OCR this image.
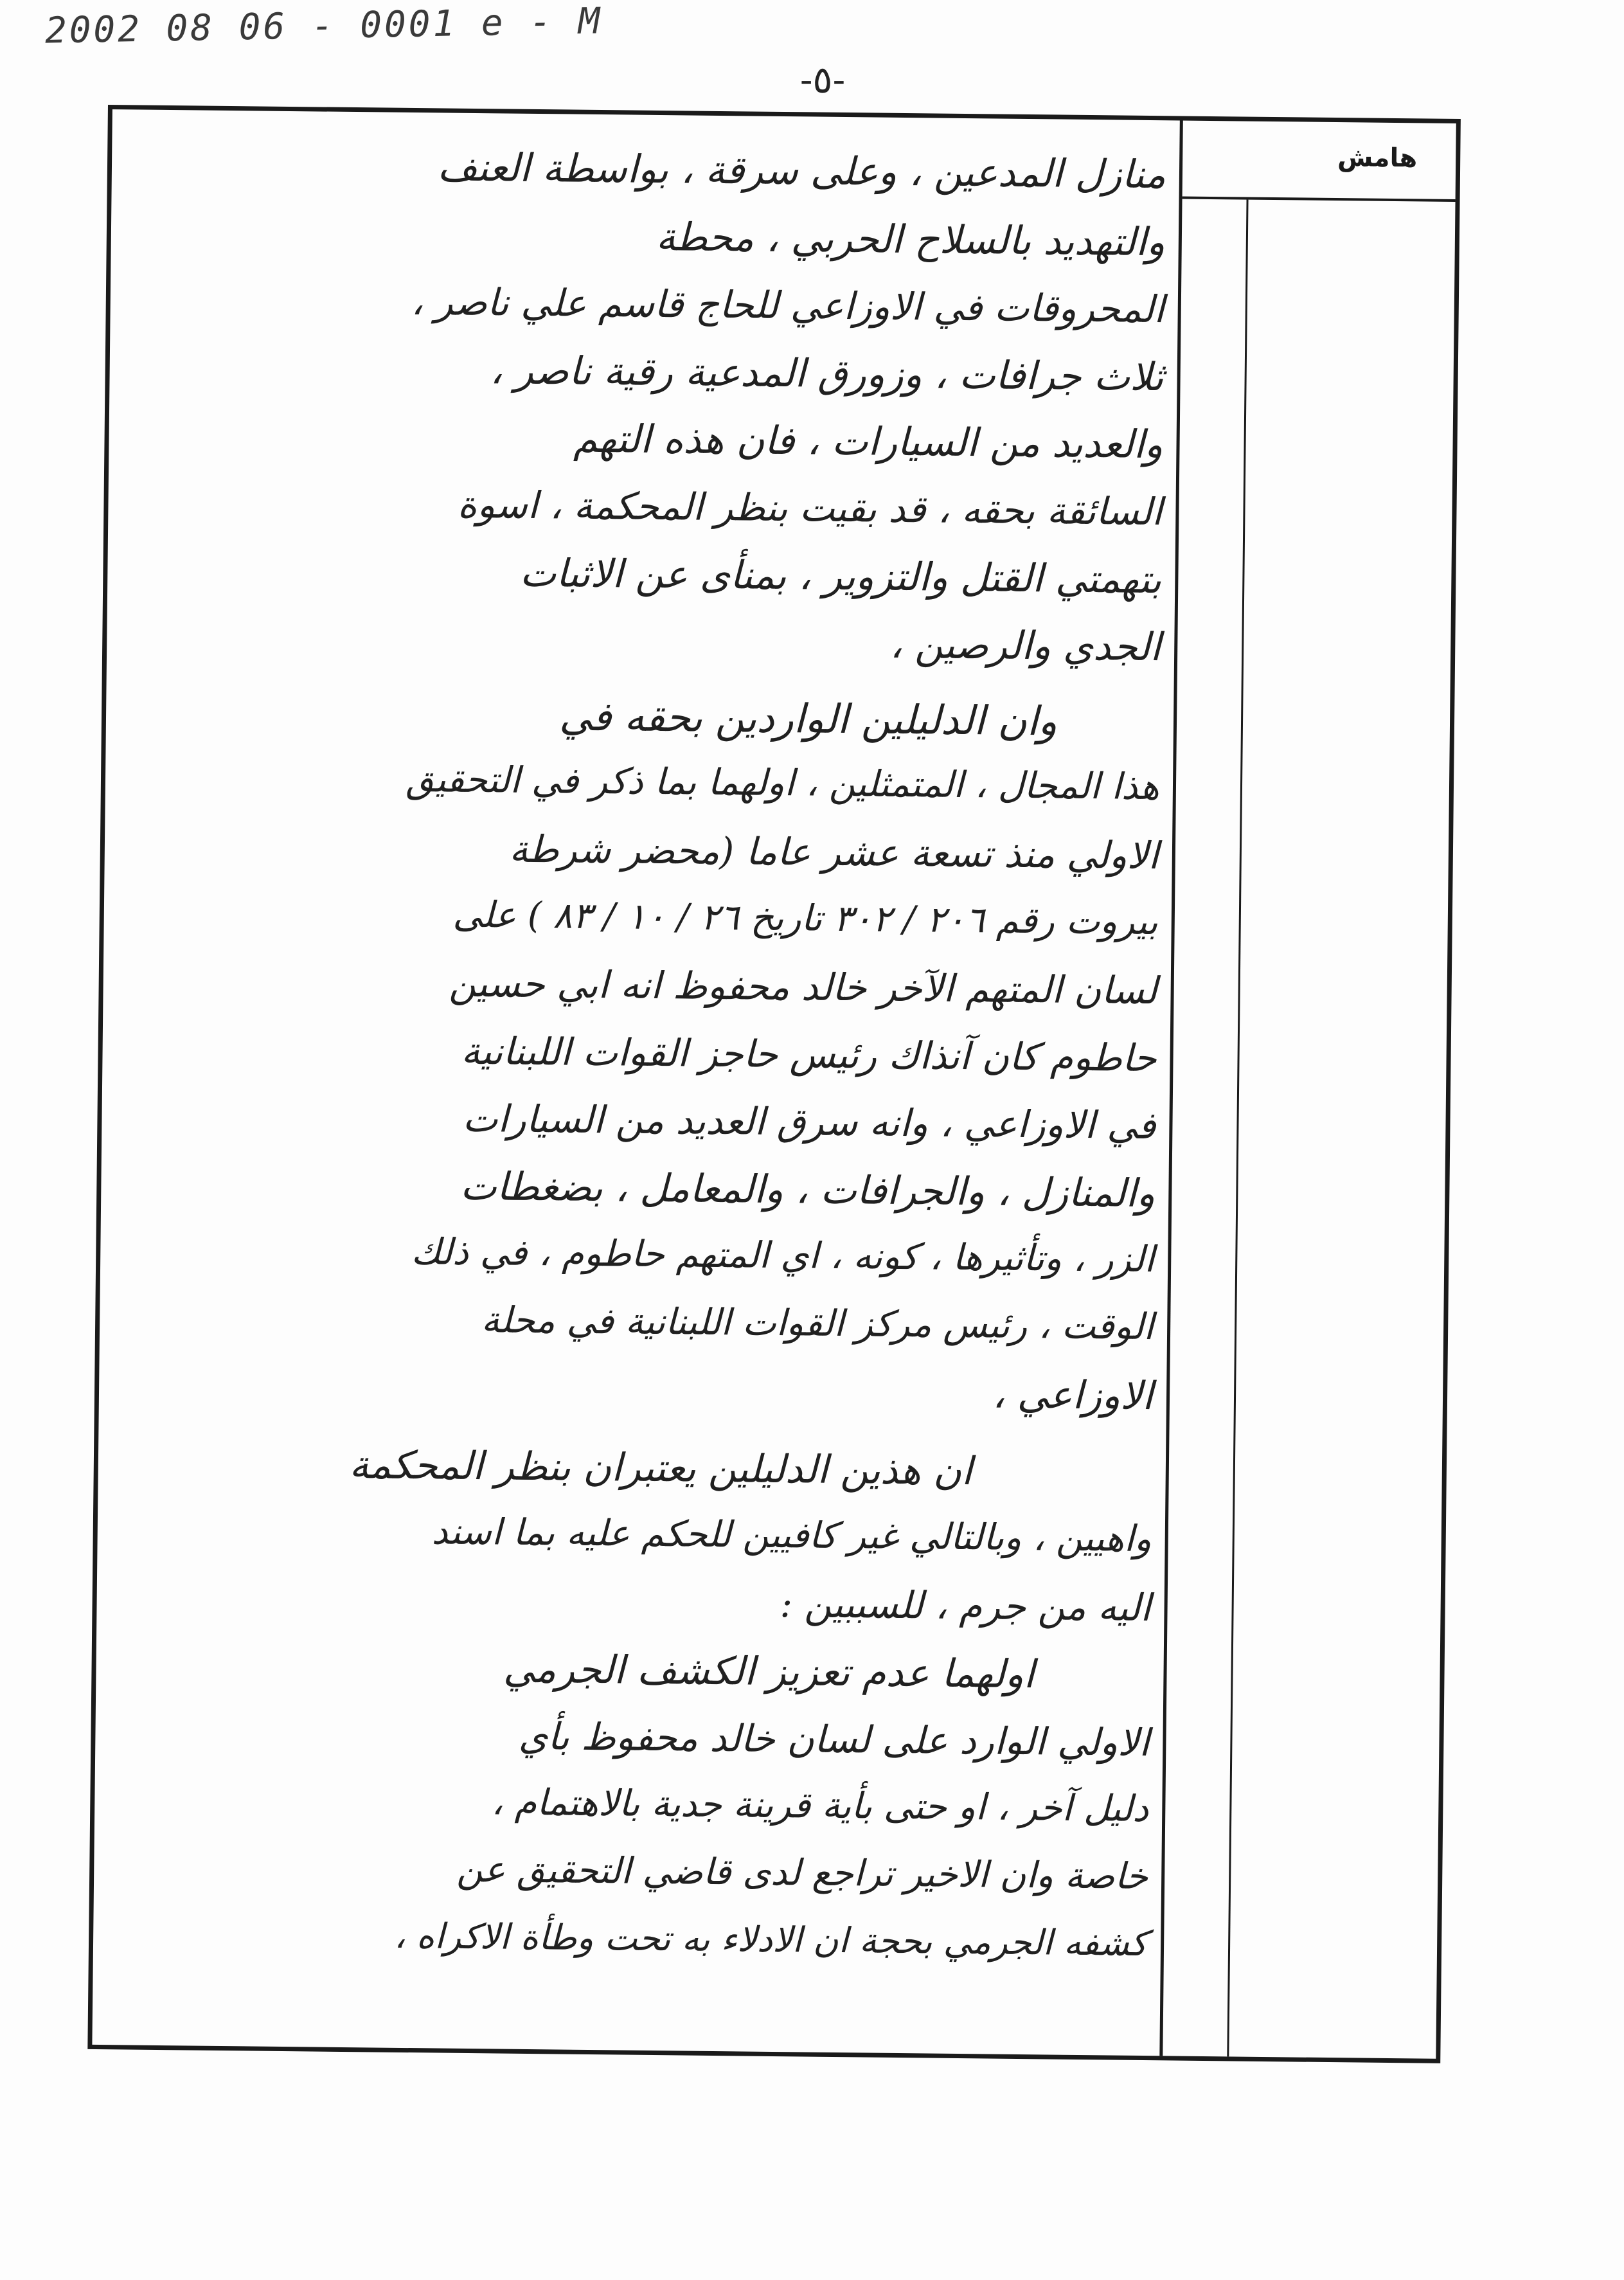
2002 08 06 - 0001 e - M
-٥-
هامش
منازل المدعين ، وعلى سرقة ، بواسطة العنف
والتهديد بالسلاح الحربي ، محطة
المحروقات في الاوزاعي للحاج قاسم علي ناصر ،
ثلاث جرافات ، وزورق المدعية رقية ناصر ،
والعديد من السيارات ، فان هذه التهم
السائقة بحقه ، قد بقيت بنظر المحكمة ، اسوة
بتهمتي القتل والتزوير ، بمنأى عن الاثبات
الجدي والرصين ،
وان الدليلين الواردين بحقه في
هذا المجال ، المتمثلين ، اولهما بما ذكر في التحقيق
الاولي منذ تسعة عشر عاما (محضر شرطة
بيروت رقم ٢٠٦ / ٣٠٢ تاريخ ٢٦ / ١٠ / ٨٣ ) على
لسان المتهم الآخر خالد محفوظ انه ابي حسين
حاطوم كان آنذاك رئيس حاجز القوات اللبنانية
في الاوزاعي ، وانه سرق العديد من السيارات
والمنازل ، والجرافات ، والمعامل ، بضغطات
الزر ، وتأثيرها ، كونه ، اي المتهم حاطوم ، في ذلك
الوقت ، رئيس مركز القوات اللبنانية في محلة
الاوزاعي ،
ان هذين الدليلين يعتبران بنظر المحكمة
واهيين ، وبالتالي غير كافيين للحكم عليه بما اسند
اليه من جرم ، للسببين :
اولهما عدم تعزيز الكشف الجرمي
الاولي الوارد على لسان خالد محفوظ بأي
دليل آخر ، او حتى بأية قرينة جدية بالاهتمام ،
خاصة وان الاخير تراجع لدى قاضي التحقيق عن
كشفه الجرمي بحجة ان الادلاء به تحت وطأة الاكراه ،
